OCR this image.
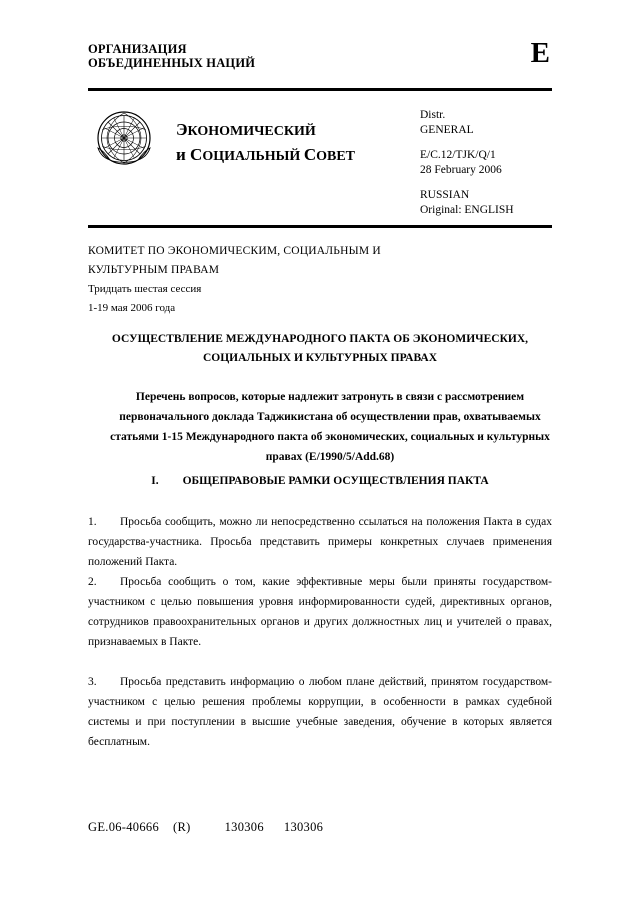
ОРГАНИЗАЦИЯ
ОБЪЕДИНЕННЫХ НАЦИЙ	E
ЭКОНОМИЧЕСКИЙ
и СОЦИАЛЬНЫЙ СОВЕТ
Distr.
GENERAL
E/C.12/TJK/Q/1
28 February 2006
RUSSIAN
Original: ENGLISH
КОМИТЕТ ПО ЭКОНОМИЧЕСКИМ, СОЦИАЛЬНЫМ И
КУЛЬТУРНЫМ ПРАВАМ
Тридцать шестая сессия
1-19 мая 2006 года
ОСУЩЕСТВЛЕНИЕ МЕЖДУНАРОДНОГО ПАКТА ОБ ЭКОНОМИЧЕСКИХ,
СОЦИАЛЬНЫХ И КУЛЬТУРНЫХ ПРАВАХ
Перечень вопросов, которые надлежит затронуть в связи с рассмотрением
первоначального доклада Таджикистана об осуществлении прав, охватываемых
статьями 1-15 Международного пакта об экономических, социальных и культурных
правах (E/1990/5/Add.68)
I. ОБЩЕПРАВОВЫЕ РАМКИ ОСУЩЕСТВЛЕНИЯ ПАКТА
1. Просьба сообщить, можно ли непосредственно ссылаться на положения Пакта в судах государства-участника. Просьба представить примеры конкретных случаев применения положений Пакта.
2. Просьба сообщить о том, какие эффективные меры были приняты государством-участником с целью повышения уровня информированности судей, директивных органов, сотрудников правоохранительных органов и других должностных лиц и учителей о правах, признаваемых в Пакте.
3. Просьба представить информацию о любом плане действий, принятом государством-участником с целью решения проблемы коррупции, в особенности в рамках судебной системы и при поступлении в высшие учебные заведения, обучение в которых является бесплатным.
GE.06-40666 (R)	130306 130306
